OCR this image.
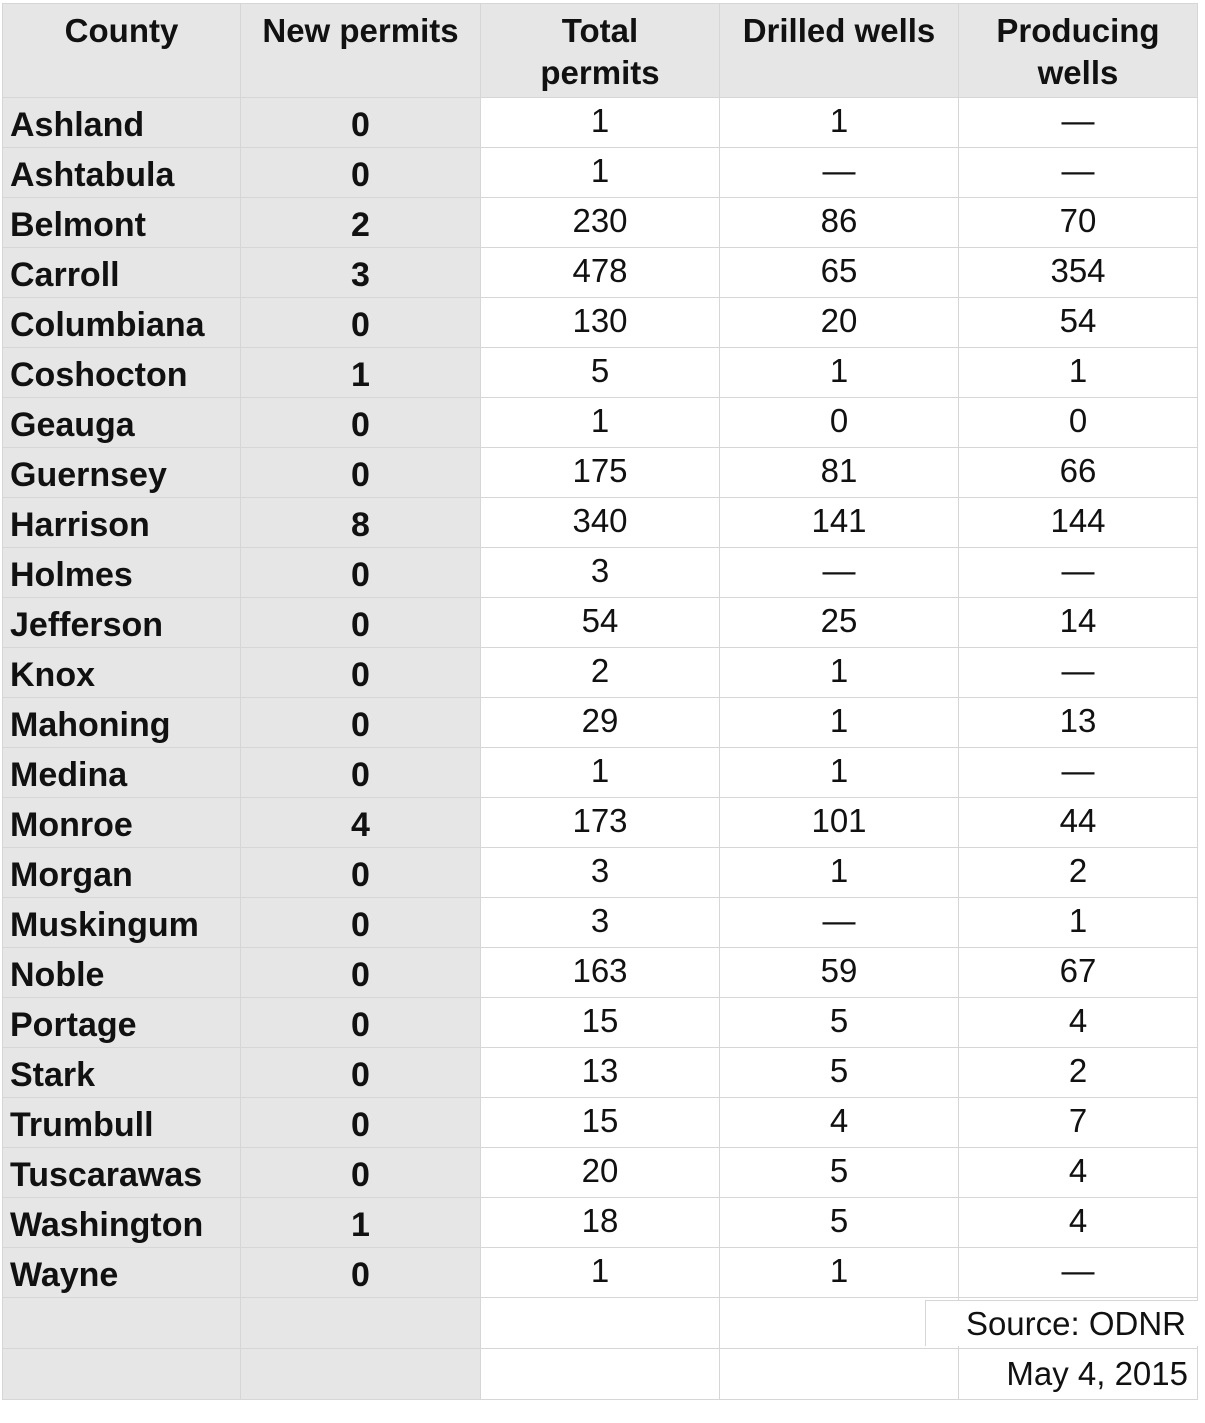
County	New permits	Total permits	Drilled wells	Producing wells
Ashland	0	1	1	—
Ashtabula	0	1	—	—
Belmont	2	230	86	70
Carroll	3	478	65	354
Columbiana	0	130	20	54
Coshocton	1	5	1	1
Geauga	0	1	0	0
Guernsey	0	175	81	66
Harrison	8	340	141	144
Holmes	0	3	—	—
Jefferson	0	54	25	14
Knox	0	2	1	—
Mahoning	0	29	1	13
Medina	0	1	1	—
Monroe	4	173	101	44
Morgan	0	3	1	2
Muskingum	0	3	—	1
Noble	0	163	59	67
Portage	0	15	5	4
Stark	0	13	5	2
Trumbull	0	15	4	7
Tuscarawas	0	20	5	4
Washington	1	18	5	4
Wayne	0	1	1	—

				Source: ODNR

				May 4, 2015
